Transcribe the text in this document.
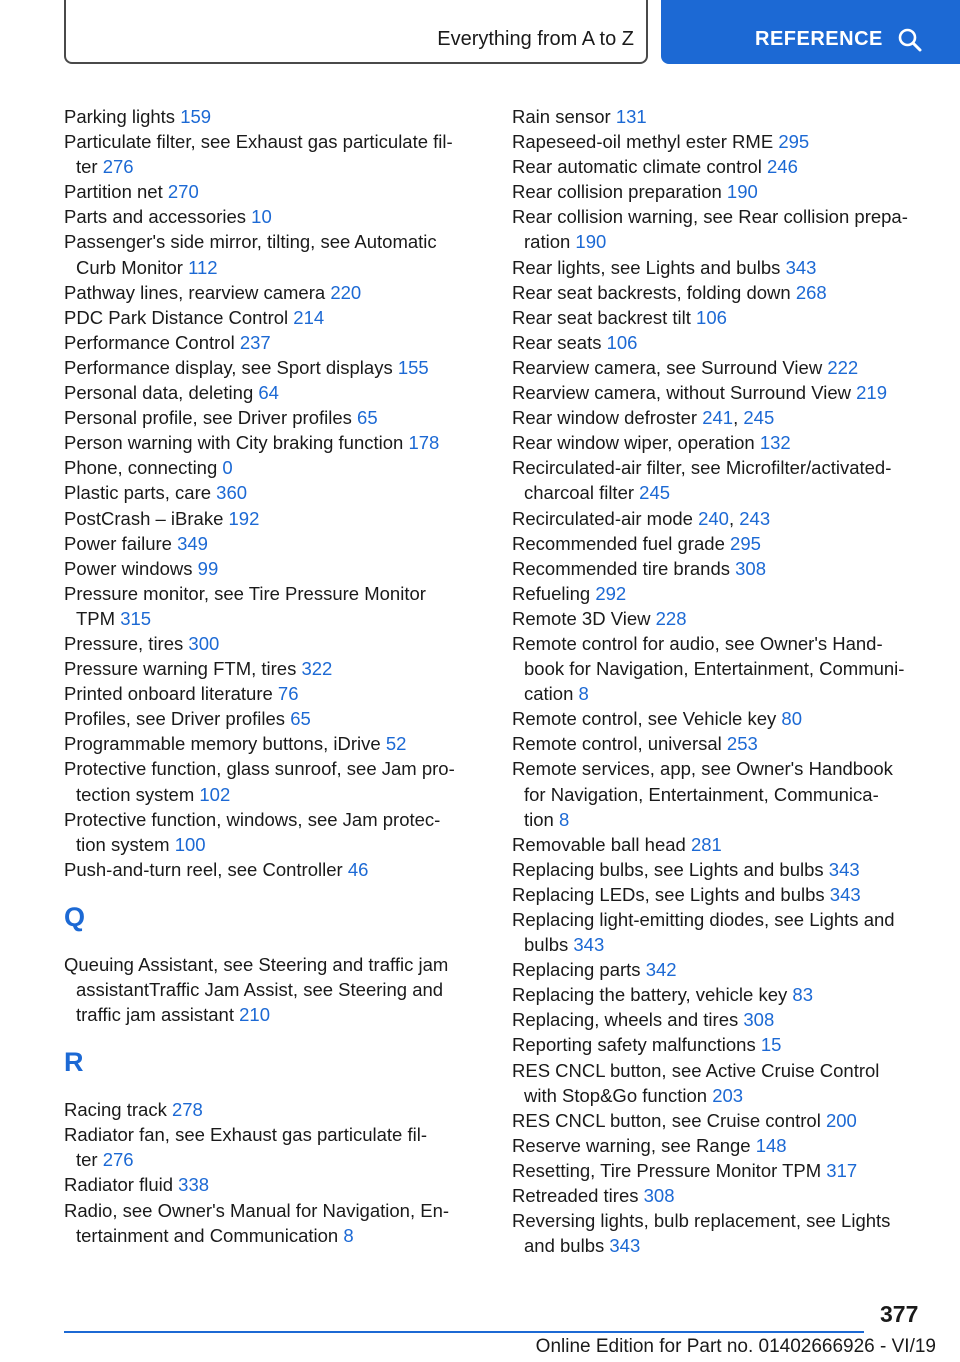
Everything from A to Z	REFERENCE
Parking lights 159
Particulate filter, see Exhaust gas particulate fil-
ter 276
Partition net 270
Parts and accessories 10
Passenger's side mirror, tilting, see Automatic
Curb Monitor 112
Pathway lines, rearview camera 220
PDC Park Distance Control 214
Performance Control 237
Performance display, see Sport displays 155
Personal data, deleting 64
Personal profile, see Driver profiles 65
Person warning with City braking function 178
Phone, connecting 0
Plastic parts, care 360
PostCrash – iBrake 192
Power failure 349
Power windows 99
Pressure monitor, see Tire Pressure Monitor
TPM 315
Pressure, tires 300
Pressure warning FTM, tires 322
Printed onboard literature 76
Profiles, see Driver profiles 65
Programmable memory buttons, iDrive 52
Protective function, glass sunroof, see Jam pro-
tection system 102
Protective function, windows, see Jam protec-
tion system 100
Push-and-turn reel, see Controller 46
Q
Queuing Assistant, see Steering and traffic jam
assistantTraffic Jam Assist, see Steering and
traffic jam assistant 210
R
Racing track 278
Radiator fan, see Exhaust gas particulate fil-
ter 276
Radiator fluid 338
Radio, see Owner's Manual for Navigation, En-
tertainment and Communication 8
Rain sensor 131
Rapeseed-oil methyl ester RME 295
Rear automatic climate control 246
Rear collision preparation 190
Rear collision warning, see Rear collision prepa-
ration 190
Rear lights, see Lights and bulbs 343
Rear seat backrests, folding down 268
Rear seat backrest tilt 106
Rear seats 106
Rearview camera, see Surround View 222
Rearview camera, without Surround View 219
Rear window defroster 241, 245
Rear window wiper, operation 132
Recirculated-air filter, see Microfilter/activated-
charcoal filter 245
Recirculated-air mode 240, 243
Recommended fuel grade 295
Recommended tire brands 308
Refueling 292
Remote 3D View 228
Remote control for audio, see Owner's Hand-
book for Navigation, Entertainment, Communi-
cation 8
Remote control, see Vehicle key 80
Remote control, universal 253
Remote services, app, see Owner's Handbook
for Navigation, Entertainment, Communica-
tion 8
Removable ball head 281
Replacing bulbs, see Lights and bulbs 343
Replacing LEDs, see Lights and bulbs 343
Replacing light-emitting diodes, see Lights and
bulbs 343
Replacing parts 342
Replacing the battery, vehicle key 83
Replacing, wheels and tires 308
Reporting safety malfunctions 15
RES CNCL button, see Active Cruise Control
with Stop&Go function 203
RES CNCL button, see Cruise control 200
Reserve warning, see Range 148
Resetting, Tire Pressure Monitor TPM 317
Retreaded tires 308
Reversing lights, bulb replacement, see Lights
and bulbs 343
377
Online Edition for Part no. 01402666926 - VI/19
